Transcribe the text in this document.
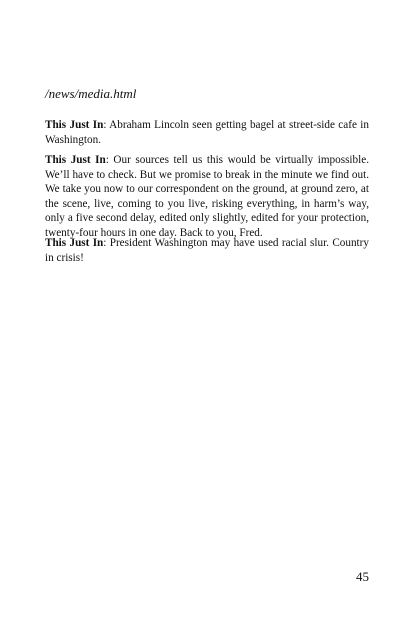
/news/media.html

This Just In: Abraham Lincoln seen getting bagel at street-side cafe in Washington.

This Just In: Our sources tell us this would be virtually impossible. We’ll have to check. But we promise to break in the minute we find out. We take you now to our correspondent on the ground, at ground zero, at the scene, live, coming to you live, risking everything, in harm’s way, only a five second delay, edited only slightly, edited for your protection, twenty-four hours in one day. Back to you, Fred.

This Just In: President Washington may have used racial slur. Country in crisis!

45
